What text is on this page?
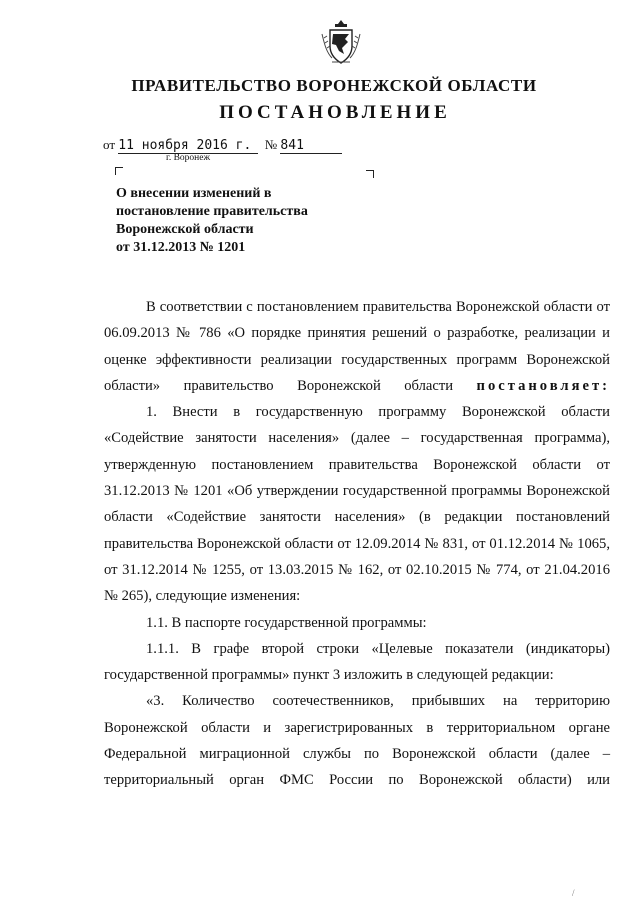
ПРАВИТЕЛЬСТВО ВОРОНЕЖСКОЙ ОБЛАСТИ
ПОСТАНОВЛЕНИЕ
от 11 ноября 2016 г. № 841
г. Воронеж
О внесении изменений в
постановление правительства
Воронежской области
от 31.12.2013 № 1201

В соответствии с постановлением правительства Воронежской области от 06.09.2013 № 786 «О порядке принятия решений о разработке, реализации и оценке эффективности реализации государственных программ Воронежской области» правительство Воронежской области постановляет:

1. Внести в государственную программу Воронежской области «Содействие занятости населения» (далее – государственная программа), утвержденную постановлением правительства Воронежской области от 31.12.2013 № 1201 «Об утверждении государственной программы Воронежской области «Содействие занятости населения» (в редакции постановлений правительства Воронежской области от 12.09.2014 № 831, от 01.12.2014 № 1065, от 31.12.2014 № 1255, от 13.03.2015 № 162, от 02.10.2015 № 774, от 21.04.2016 № 265), следующие изменения:

1.1. В паспорте государственной программы:

1.1.1. В графе второй строки «Целевые показатели (индикаторы) государственной программы» пункт 3 изложить в следующей редакции:

«3. Количество соотечественников, прибывших на территорию Воронежской области и зарегистрированных в территориальном органе Федеральной миграционной службы по Воронежской области (далее – территориальный орган ФМС России по Воронежской области) или

/
